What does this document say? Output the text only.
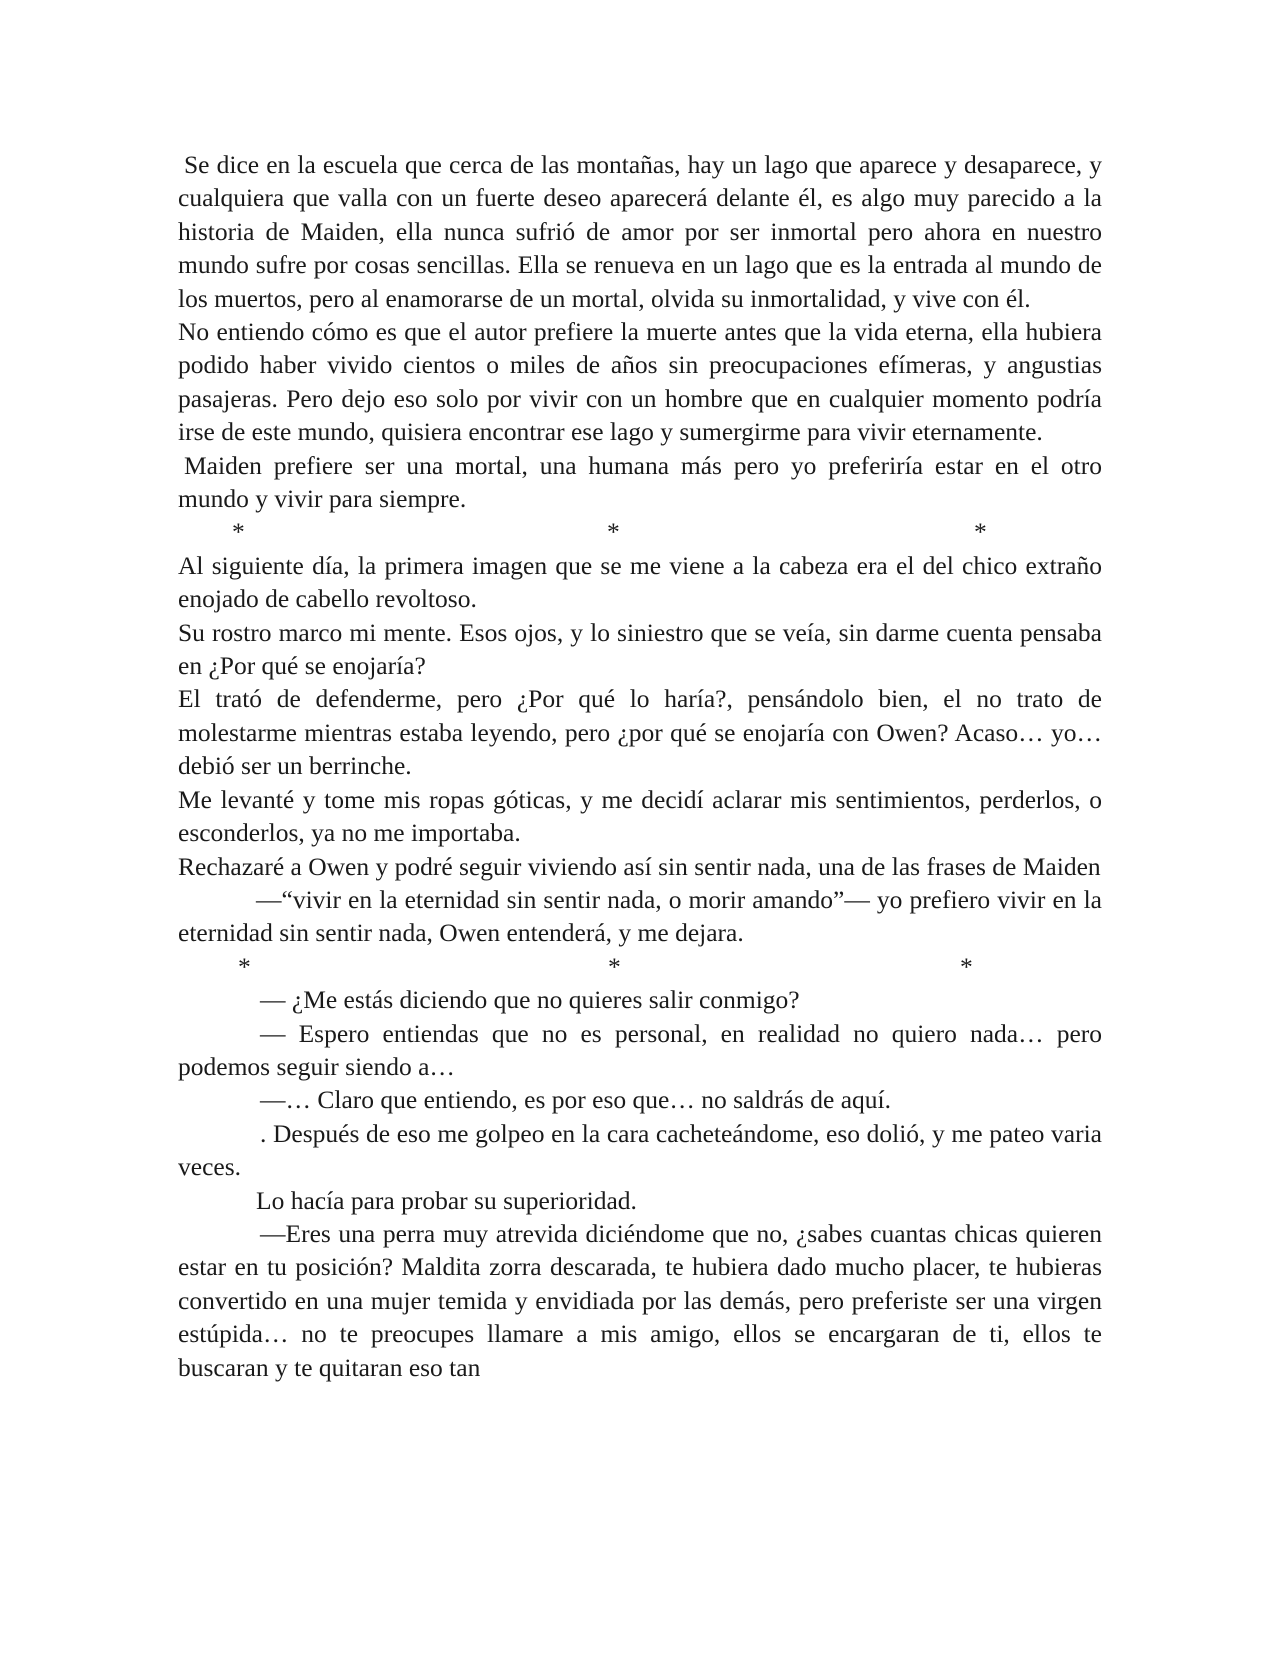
Se dice en la escuela que cerca de las montañas, hay un lago que aparece y desaparece, y cualquiera que valla con un fuerte deseo aparecerá delante él, es algo muy parecido a la historia de Maiden, ella nunca sufrió de amor por ser inmortal pero ahora en nuestro mundo sufre por cosas sencillas. Ella se renueva en un lago que es la entrada al mundo de los muertos, pero al enamorarse de un mortal, olvida su inmortalidad, y vive con él.

No entiendo cómo es que el autor prefiere la muerte antes que la vida eterna, ella hubiera podido haber vivido cientos o miles de años sin preocupaciones efímeras, y angustias pasajeras. Pero dejo eso solo por vivir con un hombre que en cualquier momento podría irse de este mundo, quisiera encontrar ese lago y sumergirme para vivir eternamente.

Maiden prefiere ser una mortal, una humana más pero yo preferiría estar en el otro mundo y vivir para siempre.

*	*	*

Al siguiente día, la primera imagen que se me viene a la cabeza era el del chico extraño enojado de cabello revoltoso.

Su rostro marco mi mente. Esos ojos, y lo siniestro que se veía, sin darme cuenta pensaba en ¿Por qué se enojaría?

El trató de defenderme, pero ¿Por qué lo haría?, pensándolo bien, el no trato de molestarme mientras estaba leyendo, pero ¿por qué se enojaría con Owen? Acaso… yo… debió ser un berrinche.

Me levanté y tome mis ropas góticas, y me decidí aclarar mis sentimientos, perderlos, o esconderlos, ya no me importaba.

Rechazaré a Owen y podré seguir viviendo así sin sentir nada, una de las frases de Maiden

—“vivir en la eternidad sin sentir nada, o morir amando”— yo prefiero vivir en la eternidad sin sentir nada, Owen entenderá, y me dejara.

*	*	*

— ¿Me estás diciendo que no quieres salir conmigo?

— Espero entiendas que no es personal, en realidad no quiero nada… pero podemos seguir siendo a…

—… Claro que entiendo, es por eso que… no saldrás de aquí.

. Después de eso me golpeo en la cara cacheteándome, eso dolió, y me pateo varia veces.

Lo hacía para probar su superioridad.

—Eres una perra muy atrevida diciéndome que no, ¿sabes cuantas chicas quieren estar en tu posición? Maldita zorra descarada, te hubiera dado mucho placer, te hubieras convertido en una mujer temida y envidiada por las demás, pero preferiste ser una virgen estúpida… no te preocupes llamare a mis amigo, ellos se encargaran de ti, ellos te buscaran y te quitaran eso tan
